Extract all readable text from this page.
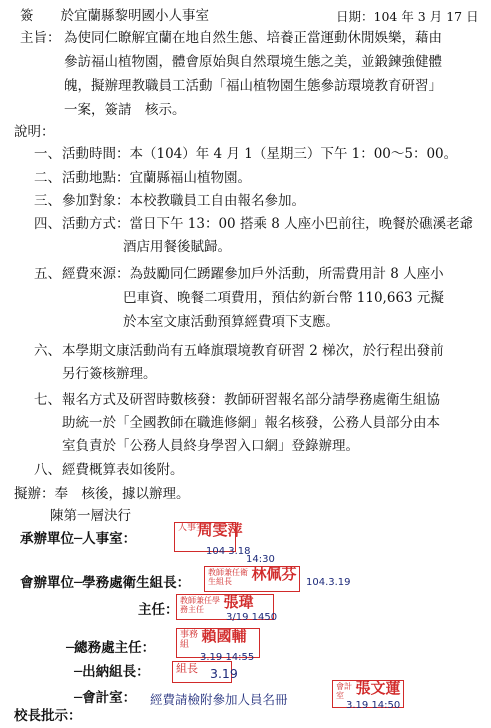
簽　　於宜蘭縣黎明國小人事室	日期：104 年 3 月 17 日
主旨： 為使同仁瞭解宜蘭在地自然生態、培養正當運動休閒娛樂，藉由
參訪福山植物園，體會原始與自然環境生態之美，並鍛鍊強健體
魄，擬辦理教職員工活動「福山植物園生態參訪環境教育研習」
一案，簽請　核示。
說明：
一、 活動時間：本（104）年 4 月 1（星期三）下午 1：00～5：00。
二、 活動地點：宜蘭縣福山植物園。
三、 參加對象：本校教職員工自由報名參加。
四、 活動方式：當日下午 13：00 搭乘 8 人座小巴前往，晚餐於礁溪老爺
酒店用餐後賦歸。
五、 經費來源：為鼓勵同仁踴躍參加戶外活動，所需費用計 8 人座小
巴車資、晚餐二項費用，預估約新台幣 110,663 元擬
於本室文康活動預算經費項下支應。
六、 本學期文康活動尚有五峰旗環境教育研習 2 梯次，於行程出發前
另行簽核辦理。
七、 報名方式及研習時數核發：教師研習報名部分請學務處衛生組協
助統一於「全國教師在職進修網」報名核發，公務人員部分由本
室負責於「公務人員終身學習入口網」登錄辦理。
八、 經費概算表如後附。
擬辦：奉　核後，據以辦理。
陳第一層決行
承辦單位─人事室：
人事室 周雯萍
104 3.18
14:30
會辦單位─學務處衛生組長：
教師兼任衛生組長 林佩芬 104.3.19
主任：
教師兼任學務主任 張瑋
3/19 1450
─總務處主任：
事務組 賴國輔
3.19 14:55
─出納組長：	組長 3.19
─會計室： 經費請檢附參加人員名冊
會計室 張文蓮
3.19 14:50
校長批示：
